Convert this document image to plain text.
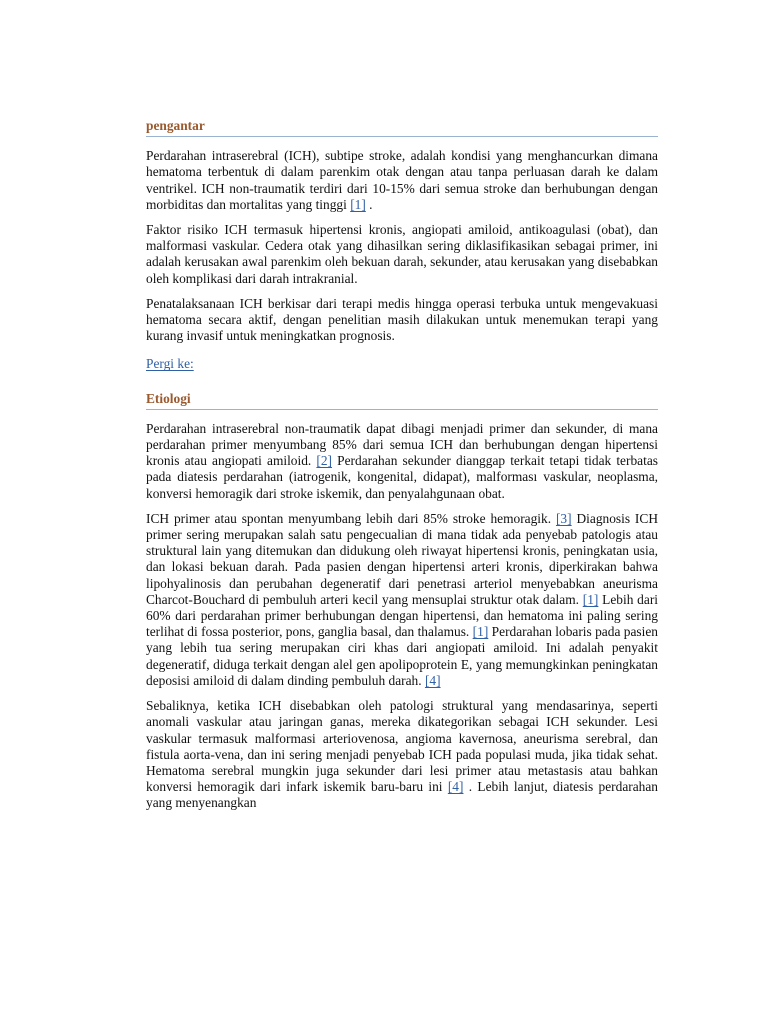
pengantar

Perdarahan intraserebral (ICH), subtipe stroke, adalah kondisi yang menghancurkan dimana hematoma terbentuk di dalam parenkim otak dengan atau tanpa perluasan darah ke dalam ventrikel. ICH non-traumatik terdiri dari 10-15% dari semua stroke dan berhubungan dengan morbiditas dan mortalitas yang tinggi [1] .

Faktor risiko ICH termasuk hipertensi kronis, angiopati amiloid, antikoagulasi (obat), dan malformasi vaskular. Cedera otak yang dihasilkan sering diklasifikasikan sebagai primer, ini adalah kerusakan awal parenkim oleh bekuan darah, sekunder, atau kerusakan yang disebabkan oleh komplikasi dari darah intrakranial.

Penatalaksanaan ICH berkisar dari terapi medis hingga operasi terbuka untuk mengevakuasi hematoma secara aktif, dengan penelitian masih dilakukan untuk menemukan terapi yang kurang invasif untuk meningkatkan prognosis.

Pergi ke:
Etiologi

Perdarahan intraserebral non-traumatik dapat dibagi menjadi primer dan sekunder, di mana perdarahan primer menyumbang 85% dari semua ICH dan berhubungan dengan hipertensi kronis atau angiopati amiloid. [2] Perdarahan sekunder dianggap terkait tetapi tidak terbatas pada diatesis perdarahan (iatrogenik, kongenital, didapat), malforması vaskular, neoplasma, konversi hemoragik dari stroke iskemik, dan penyalahgunaan obat.

ICH primer atau spontan menyumbang lebih dari 85% stroke hemoragik. [3] Diagnosis ICH primer sering merupakan salah satu pengecualian di mana tidak ada penyebab patologis atau struktural lain yang ditemukan dan didukung oleh riwayat hipertensi kronis, peningkatan usia, dan lokasi bekuan darah. Pada pasien dengan hipertensi arteri kronis, diperkirakan bahwa lipohyalinosis dan perubahan degeneratif dari penetrasi arteriol menyebabkan aneurisma Charcot-Bouchard di pembuluh arteri kecil yang mensuplai struktur otak dalam. [1] Lebih dari 60% dari perdarahan primer berhubungan dengan hipertensi, dan hematoma ini paling sering terlihat di fossa posterior, pons, ganglia basal, dan thalamus. [1] Perdarahan lobaris pada pasien yang lebih tua sering merupakan ciri khas dari angiopati amiloid. Ini adalah penyakit degeneratif, diduga terkait dengan alel gen apolipoprotein E, yang memungkinkan peningkatan deposisi amiloid di dalam dinding pembuluh darah. [4]

Sebaliknya, ketika ICH disebabkan oleh patologi struktural yang mendasarinya, seperti anomali vaskular atau jaringan ganas, mereka dikategorikan sebagai ICH sekunder. Lesi vaskular termasuk malformasi arteriovenosa, angioma kavernosa, aneurisma serebral, dan fistula aorta-vena, dan ini sering menjadi penyebab ICH pada populasi muda, jika tidak sehat. Hematoma serebral mungkin juga sekunder dari lesi primer atau metastasis atau bahkan konversi hemoragik dari infark iskemik baru-baru ini [4] . Lebih lanjut, diatesis perdarahan yang menyenangkan
